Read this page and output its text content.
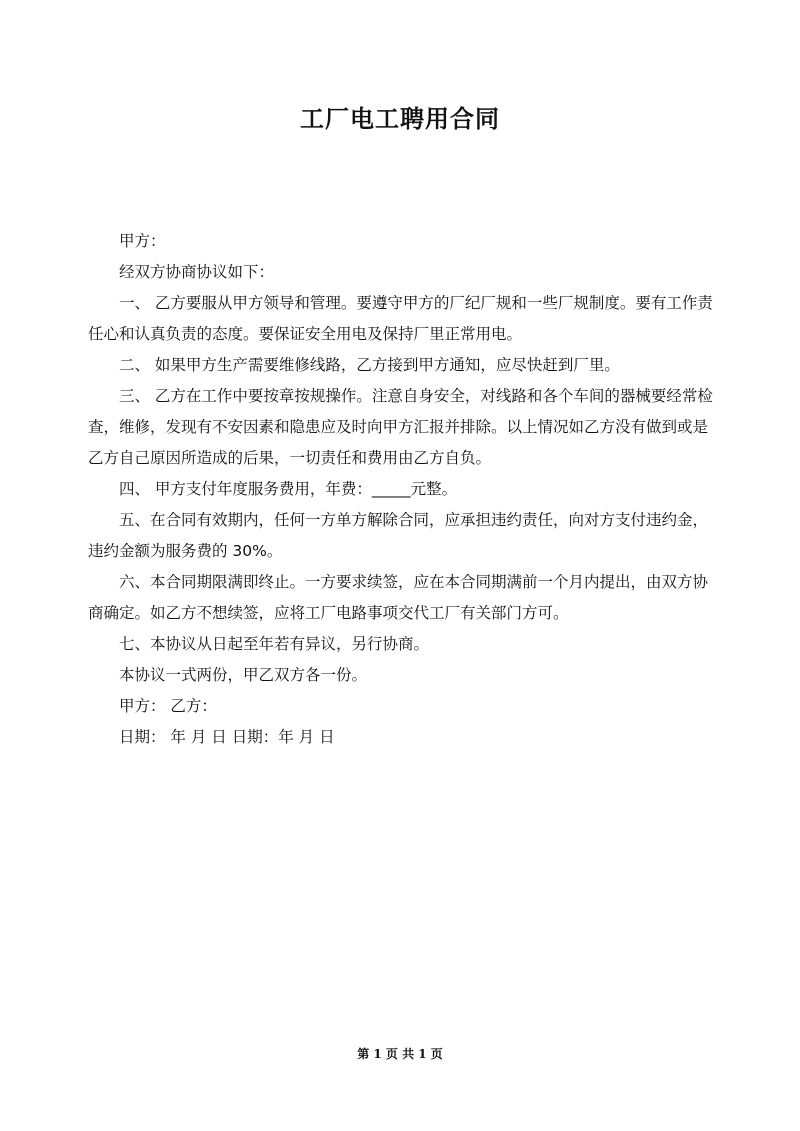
工厂电工聘用合同

甲方：

经双方协商协议如下：

一、 乙方要服从甲方领导和管理。要遵守甲方的厂纪厂规和一些厂规制度。要有工作责任心和认真负责的态度。要保证安全用电及保持厂里正常用电。

二、 如果甲方生产需要维修线路，乙方接到甲方通知，应尽快赶到厂里。

三、 乙方在工作中要按章按规操作。注意自身安全，对线路和各个车间的器械要经常检查，维修，发现有不安因素和隐患应及时向甲方汇报并排除。以上情况如乙方没有做到或是乙方自己原因所造成的后果，一切责任和费用由乙方自负。

四、 甲方支付年度服务费用，年费：_____元整。

五、在合同有效期内，任何一方单方解除合同，应承担违约责任，向对方支付违约金，违约金额为服务费的 30%。

六、本合同期限满即终止。一方要求续签，应在本合同期满前一个月内提出，由双方协商确定。如乙方不想续签，应将工厂电路事项交代工厂有关部门方可。

七、本协议从日起至年若有异议，另行协商。

本协议一式两份，甲乙双方各一份。

甲方： 乙方：

日期： 年 月 日 日期：年 月 日

第 1 页 共 1 页
